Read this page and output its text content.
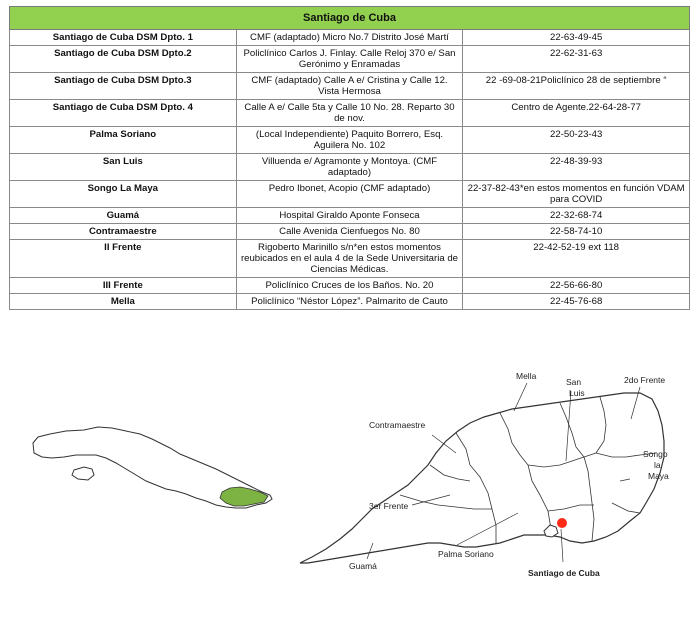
Santiago de Cuba		
Santiago de Cuba DSM Dpto. 1	CMF (adaptado) Micro No.7 Distrito José Martí	22-63-49-45
Santiago de Cuba DSM Dpto.2	Policlínico Carlos J. Finlay. Calle Reloj 370 e/ San Gerónimo y Enramadas	22-62-31-63
Santiago de Cuba DSM Dpto.3	CMF (adaptado) Calle A e/ Cristina y Calle 12. Vista Hermosa	22 -69-08-21Policlínico 28 de septiembre “
Santiago de Cuba DSM Dpto. 4	Calle A e/ Calle 5ta y Calle 10 No. 28. Reparto 30 de nov.	Centro de Agente.22-64-28-77
Palma Soriano	(Local Independiente) Paquito Borrero, Esq. Aguilera No. 102	22-50-23-43
San Luis	Villuenda e/ Agramonte y Montoya. (CMF adaptado)	22-48-39-93
Songo La Maya	Pedro Ibonet, Acopio (CMF adaptado)	22-37-82-43*en estos momentos en función VDAM para COVID
Guamá	Hospital Giraldo Aponte Fonseca	22-32-68-74
Contramaestre	Calle Avenida Cienfuegos No. 80	22-58-74-10
II Frente	Rigoberto Marinillo s/n*en estos momentos reubicados en el aula 4 de la Sede Universitaria de Ciencias Médicas.	22-42-52-19 ext 118
III Frente	Policlínico Cruces de los Baños. No. 20	22-56-66-80
Mella	Policlínico “Néstor López”. Palmarito de Cauto	22-45-76-68
Mella
San Luis
2do Frente
Contramaestre
Songo la Maya
3er Frente
Palma Soriano
Guamá
Santiago de Cuba
